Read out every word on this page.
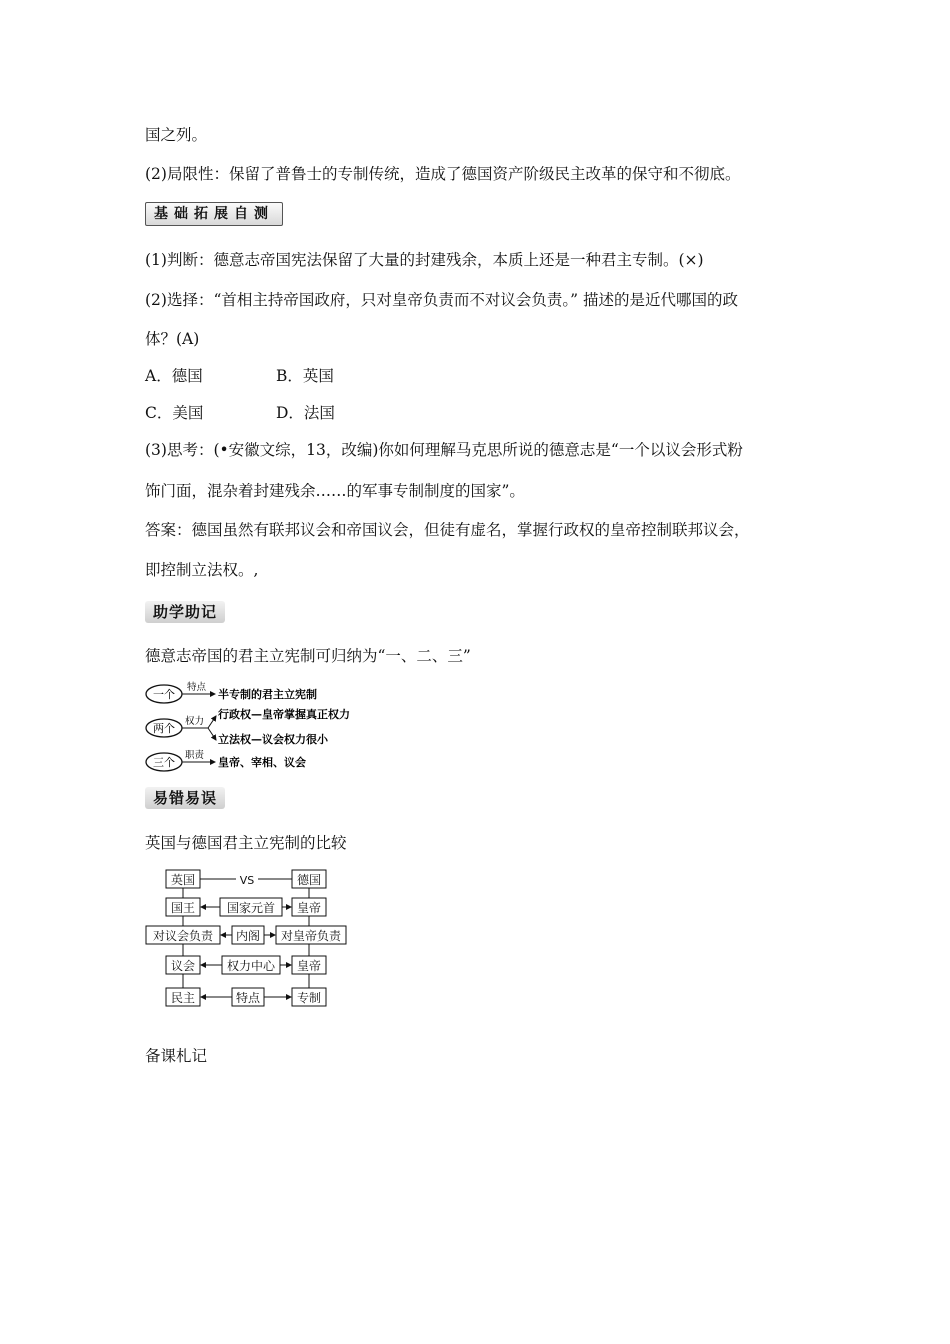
国之列。
(2)局限性：保留了普鲁士的专制传统，造成了德国资产阶级民主改革的保守和不彻底。
基础拓展自测
(1)判断：德意志帝国宪法保留了大量的封建残余，本质上还是一种君主专制。(×)
(2)选择：“首相主持帝国政府，只对皇帝负责而不对议会负责。” 描述的是近代哪国的政
体？(A)
A．德国	B．英国
C．美国	D．法国
(3)思考：(•安徽文综，13，改编)你如何理解马克思所说的德意志是“一个以议会形式粉
饰门面，混杂着封建残余……的军事专制制度的国家”。
答案：德国虽然有联邦议会和帝国议会，但徒有虚名，掌握行政权的皇帝控制联邦议会，
即控制立法权。,
助学助记
德意志帝国的君主立宪制可归纳为“一、二、三”
一个
特点
半专制的君主立宪制
两个
权力
行政权—皇帝掌握真正权力
立法权—议会权力很小
三个
职责
皇帝、宰相、议会
易错易误
英国与德国君主立宪制的比较
英国	VS	德国
国王	国家元首 皇帝
对议会负责 内阁 对皇帝负责
议会	权力中心 皇帝
民主	特点	专制
备课札记
